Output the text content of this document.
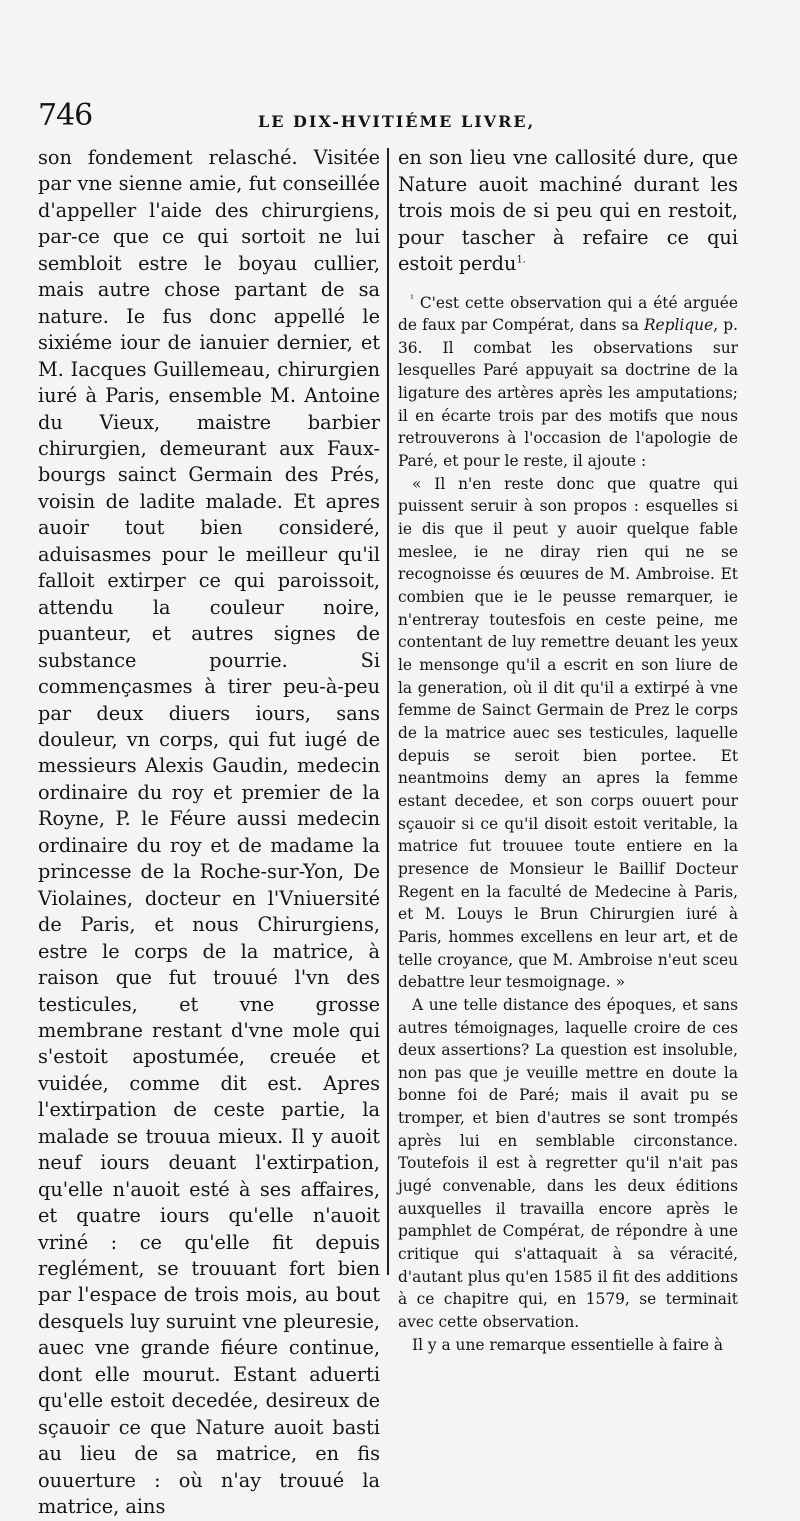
746	LE DIX-HVITIÉME LIVRE,

son fondement relasché. Visitée par vne sienne amie, fut conseillée d'appeller l'aide des chirurgiens, par-ce que ce qui sortoit ne lui sembloit estre le boyau cullier, mais autre chose partant de sa nature. Ie fus donc appellé le sixiéme iour de ianuier dernier, et M. Iacques Guillemeau, chirurgien iuré à Paris, ensemble M. Antoine du Vieux, maistre barbier chirurgien, demeurant aux Faux-bourgs sainct Germain des Prés, voisin de ladite malade. Et apres auoir tout bien consideré, aduisasmes pour le meilleur qu'il falloit extirper ce qui paroissoit, attendu la couleur noire, puanteur, et autres signes de substance pourrie. Si commençasmes à tirer peu-à-peu par deux diuers iours, sans douleur, vn corps, qui fut iugé de messieurs Alexis Gaudin, medecin ordinaire du roy et premier de la Royne, P. le Féure aussi medecin ordinaire du roy et de madame la princesse de la Roche-sur-Yon, De Violaines, docteur en l'Vniuersité de Paris, et nous Chirurgiens, estre le corps de la matrice, à raison que fut trouué l'vn des testicules, et vne grosse membrane restant d'vne mole qui s'estoit apostumée, creuée et vuidée, comme dit est. Apres l'extirpation de ceste partie, la malade se trouua mieux. Il y auoit neuf iours deuant l'extirpation, qu'elle n'auoit esté à ses affaires, et quatre iours qu'elle n'auoit vriné : ce qu'elle fit depuis reglément, se trouuant fort bien par l'espace de trois mois, au bout desquels luy suruint vne pleuresie, auec vne grande fiéure continue, dont elle mourut. Estant aduerti qu'elle estoit decedée, desireux de sçauoir ce que Nature auoit basti au lieu de sa matrice, en fis ouuerture : où n'ay trouué la matrice, ains

en son lieu vne callosité dure, que Nature auoit machiné durant les trois mois de si peu qui en restoit, pour tascher à refaire ce qui estoit perdu$^{1.}$

$^{^1}$ C'est cette observation qui a été arguée de faux par Compérat, dans sa Replique, p. 36. Il combat les observations sur lesquelles Paré appuyait sa doctrine de la ligature des artères après les amputations; il en écarte trois par des motifs que nous retrouverons à l'occasion de l'apologie de Paré, et pour le reste, il ajoute :

« Il n'en reste donc que quatre qui puissent seruir à son propos : esquelles si ie dis que il peut y auoir quelque fable meslee, ie ne diray rien qui ne se recognoisse és œuures de M. Ambroise. Et combien que ie le peusse remarquer, ie n'entreray toutesfois en ceste peine, me contentant de luy remettre deuant les yeux le mensonge qu'il a escrit en son liure de la generation, où il dit qu'il a extirpé à vne femme de Sainct Germain de Prez le corps de la matrice auec ses testicules, laquelle depuis se seroit bien portee. Et neantmoins demy an apres la femme estant decedee, et son corps ouuert pour sçauoir si ce qu'il disoit estoit veritable, la matrice fut trouuee toute entiere en la presence de Monsieur le Baillif Docteur Regent en la faculté de Medecine à Paris, et M. Louys le Brun Chirurgien iuré à Paris, hommes excellens en leur art, et de telle croyance, que M. Ambroise n'eut sceu debattre leur tesmoignage. »

A une telle distance des époques, et sans autres témoignages, laquelle croire de ces deux assertions? La question est insoluble, non pas que je veuille mettre en doute la bonne foi de Paré; mais il avait pu se tromper, et bien d'autres se sont trompés après lui en semblable circonstance. Toutefois il est à regretter qu'il n'ait pas jugé convenable, dans les deux éditions auxquelles il travailla encore après le pamphlet de Compérat, de répondre à une critique qui s'attaquait à sa véracité, d'autant plus qu'en 1585 il fit des additions à ce chapitre qui, en 1579, se terminait avec cette observation.

Il y a une remarque essentielle à faire à
